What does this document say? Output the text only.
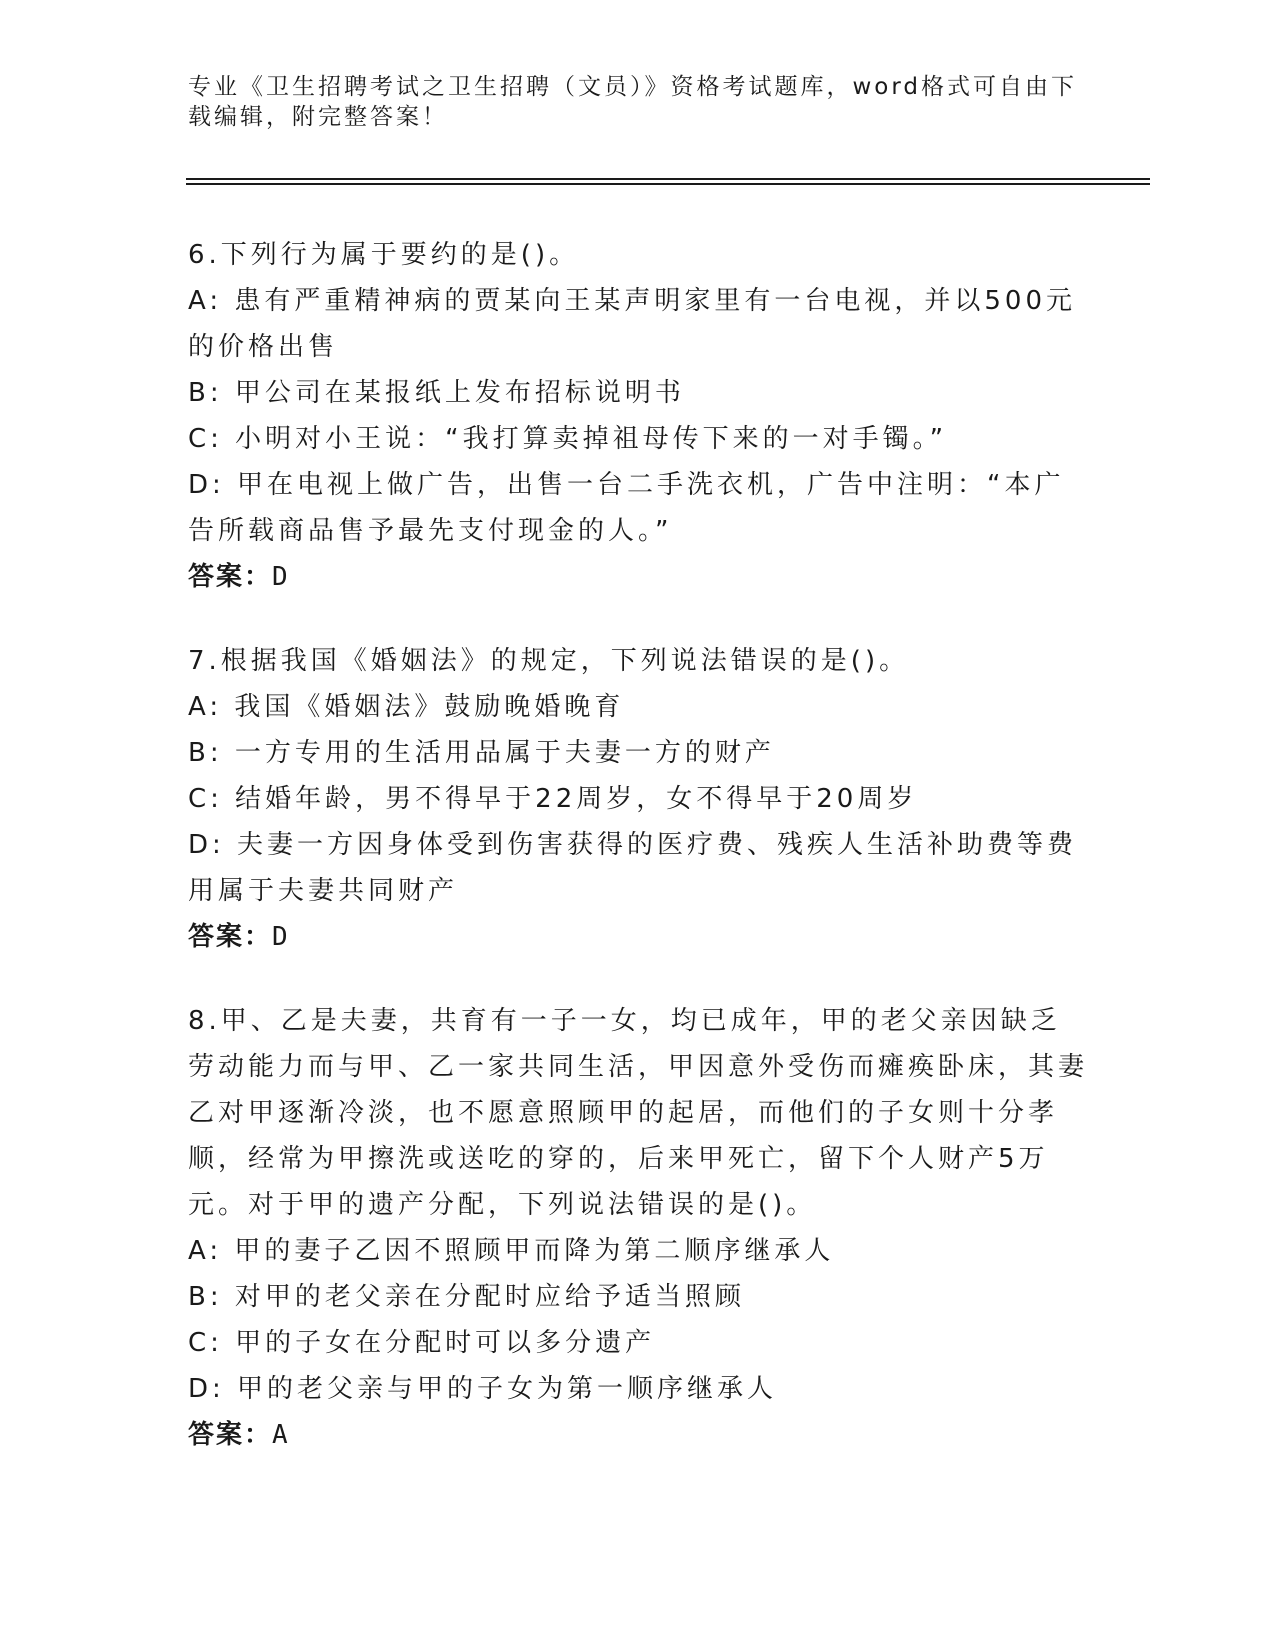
专业《卫生招聘考试之卫生招聘（文员）》资格考试题库，word格式可自由下载编辑，附完整答案！
6.下列行为属于要约的是()。
A: 患有严重精神病的贾某向王某声明家里有一台电视，并以500元的价格出售
B: 甲公司在某报纸上发布招标说明书
C: 小明对小王说：“我打算卖掉祖母传下来的一对手镯。”
D: 甲在电视上做广告，出售一台二手洗衣机，广告中注明：“本广告所载商品售予最先支付现金的人。”
答案：D
7.根据我国《婚姻法》的规定，下列说法错误的是()。
A: 我国《婚姻法》鼓励晚婚晚育
B: 一方专用的生活用品属于夫妻一方的财产
C: 结婚年龄，男不得早于22周岁，女不得早于20周岁
D: 夫妻一方因身体受到伤害获得的医疗费、残疾人生活补助费等费用属于夫妻共同财产
答案：D
8.甲、乙是夫妻，共育有一子一女，均已成年，甲的老父亲因缺乏劳动能力而与甲、乙一家共同生活，甲因意外受伤而瘫痪卧床，其妻乙对甲逐渐冷淡，也不愿意照顾甲的起居，而他们的子女则十分孝顺，经常为甲擦洗或送吃的穿的，后来甲死亡，留下个人财产5万元。对于甲的遗产分配，下列说法错误的是()。
A: 甲的妻子乙因不照顾甲而降为第二顺序继承人
B: 对甲的老父亲在分配时应给予适当照顾
C: 甲的子女在分配时可以多分遗产
D: 甲的老父亲与甲的子女为第一顺序继承人
答案：A
